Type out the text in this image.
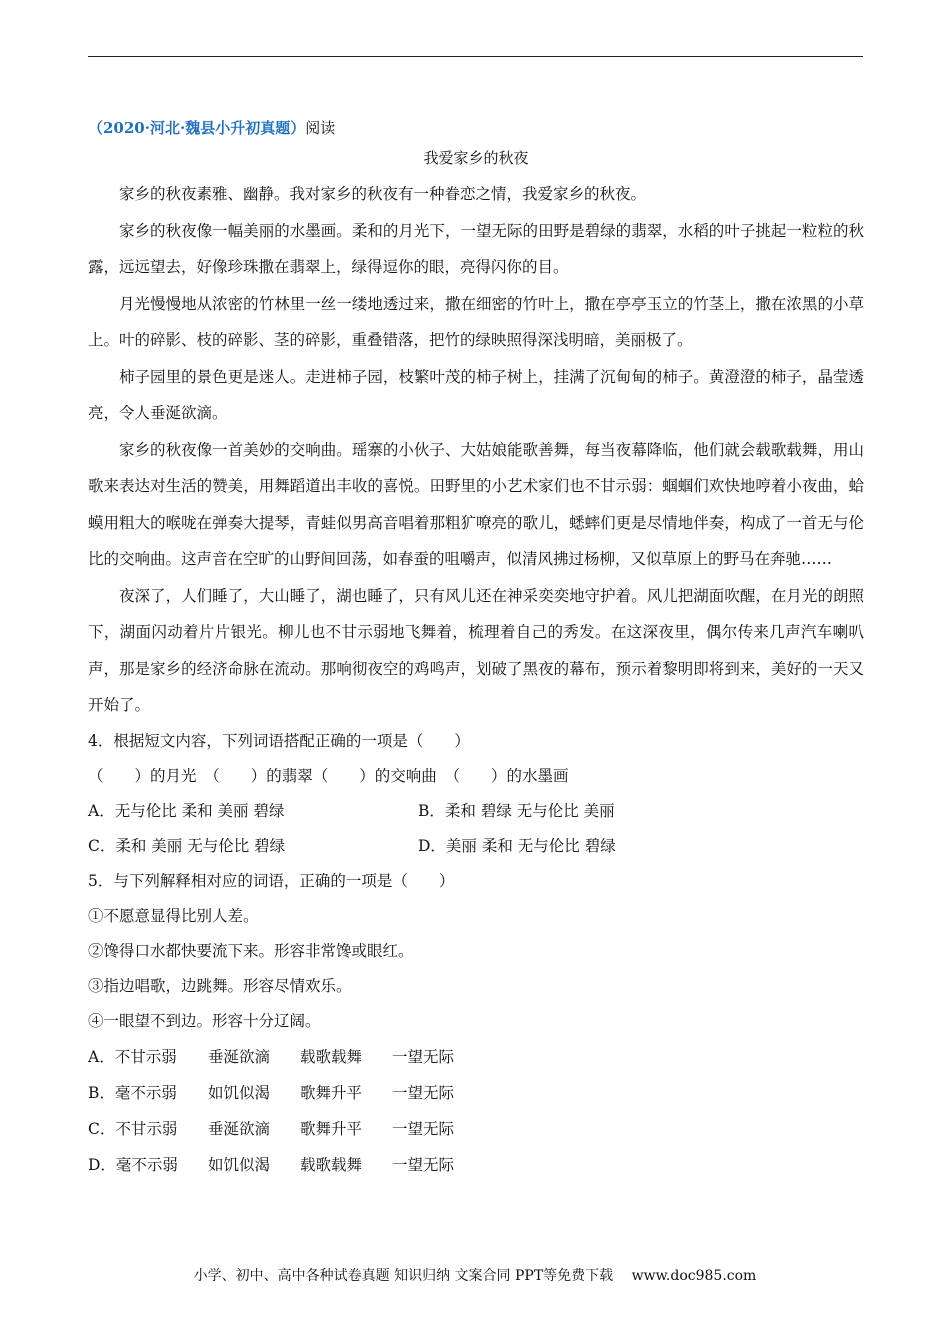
（2020·河北·魏县小升初真题）阅读

我爱家乡的秋夜

家乡的秋夜素雅、幽静。我对家乡的秋夜有一种眷恋之情，我爱家乡的秋夜。

家乡的秋夜像一幅美丽的水墨画。柔和的月光下，一望无际的田野是碧绿的翡翠，水稻的叶子挑起一粒粒的秋露，远远望去，好像珍珠撒在翡翠上，绿得逗你的眼，亮得闪你的目。

月光慢慢地从浓密的竹林里一丝一缕地透过来，撒在细密的竹叶上，撒在亭亭玉立的竹茎上，撒在浓黑的小草上。叶的碎影、枝的碎影、茎的碎影，重叠错落，把竹的绿映照得深浅明暗，美丽极了。

柿子园里的景色更是迷人。走进柿子园，枝繁叶茂的柿子树上，挂满了沉甸甸的柿子。黄澄澄的柿子，晶莹透亮，令人垂涎欲滴。

家乡的秋夜像一首美妙的交响曲。瑶寨的小伙子、大姑娘能歌善舞，每当夜幕降临，他们就会载歌载舞，用山歌来表达对生活的赞美，用舞蹈道出丰收的喜悦。田野里的小艺术家们也不甘示弱：蝈蝈们欢快地哼着小夜曲，蛤蟆用粗大的喉咙在弹奏大提琴，青蛙似男高音唱着那粗犷嘹亮的歌儿，蟋蟀们更是尽情地伴奏，构成了一首无与伦比的交响曲。这声音在空旷的山野间回荡，如春蚕的咀嚼声，似清风拂过杨柳，又似草原上的野马在奔驰……

夜深了，人们睡了，大山睡了，湖也睡了，只有风儿还在神采奕奕地守护着。风儿把湖面吹醒，在月光的朗照下，湖面闪动着片片银光。柳儿也不甘示弱地飞舞着，梳理着自己的秀发。在这深夜里，偶尔传来几声汽车喇叭声，那是家乡的经济命脉在流动。那响彻夜空的鸡鸣声，划破了黑夜的幕布，预示着黎明即将到来，美好的一天又开始了。

4．根据短文内容，下列词语搭配正确的一项是（　　）

（　　）的月光　（　　）的翡翠（　　）的交响曲　（　　）的水墨画

A．无与伦比 柔和 美丽 碧绿	B．柔和 碧绿 无与伦比 美丽
C．柔和 美丽 无与伦比 碧绿	D．美丽 柔和 无与伦比 碧绿

5．与下列解释相对应的词语，正确的一项是（　　）

①不愿意显得比别人差。

②馋得口水都快要流下来。形容非常馋或眼红。

③指边唱歌，边跳舞。形容尽情欢乐。

④一眼望不到边。形容十分辽阔。

A．不甘示弱	垂涎欲滴	载歌载舞	一望无际
B．毫不示弱	如饥似渴	歌舞升平	一望无际
C．不甘示弱	垂涎欲滴	歌舞升平	一望无际
D．毫不示弱	如饥似渴	载歌载舞	一望无际
小学、初中、高中各种试卷真题 知识归纳 文案合同 PPT等免费下载　 www.doc985.com
